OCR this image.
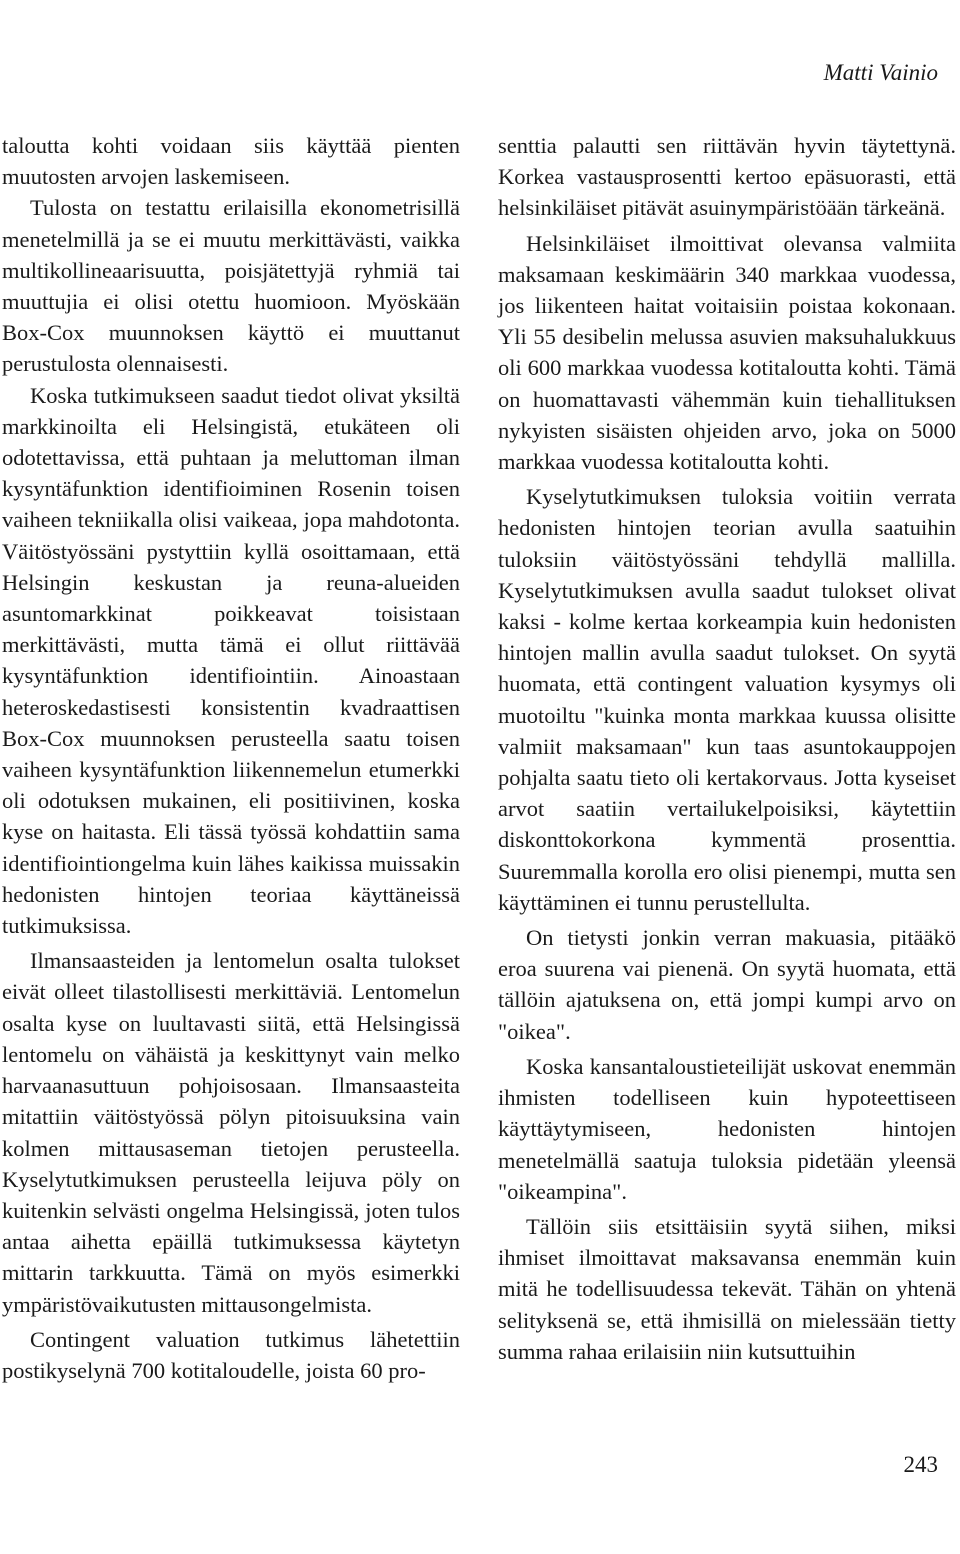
Matti Vainio

taloutta kohti voidaan siis käyttää pienten muutosten arvojen laskemiseen.

Tulosta on testattu erilaisilla ekonometrisillä menetelmillä ja se ei muutu merkittävästi, vaikka multikollineaarisuutta, poisjätettyjä ryhmiä tai muuttujia ei olisi otettu huomioon. Myöskään Box-Cox muunnoksen käyttö ei muuttanut perustulosta olennaisesti.

Koska tutkimukseen saadut tiedot olivat yksiltä markkinoilta eli Helsingistä, etukäteen oli odotettavissa, että puhtaan ja meluttoman ilman kysyntäfunktion identifioiminen Rosenin toisen vaiheen tekniikalla olisi vaikeaa, jopa mahdotonta. Väitöstyössäni pystyttiin kyllä osoittamaan, että Helsingin keskustan ja reuna-alueiden asuntomarkkinat poikkeavat toisistaan merkittävästi, mutta tämä ei ollut riittävää kysyntäfunktion identifiointiin. Ainoastaan heteroskedastisesti konsistentin kvadraattisen Box-Cox muunnoksen perusteella saatu toisen vaiheen kysyntäfunktion liikennemelun etumerkki oli odotuksen mukainen, eli positiivinen, koska kyse on haitasta. Eli tässä työssä kohdattiin sama identifiointiongelma kuin lähes kaikissa muissakin hedonisten hintojen teoriaa käyttäneissä tutkimuksissa.

Ilmansaasteiden ja lentomelun osalta tulokset eivät olleet tilastollisesti merkittäviä. Lentomelun osalta kyse on luultavasti siitä, että Helsingissä lentomelu on vähäistä ja keskittynyt vain melko harvaanasuttuun pohjoisosaan. Ilmansaasteita mitattiin väitöstyössä pölyn pitoisuuksina vain kolmen mittausaseman tietojen perusteella. Kyselytutkimuksen perusteella leijuva pöly on kuitenkin selvästi ongelma Helsingissä, joten tulos antaa aihetta epäillä tutkimuksessa käytetyn mittarin tarkkuutta. Tämä on myös esimerkki ympäristövaikutusten mittausongelmista.

Contingent valuation tutkimus lähetettiin postikyselynä 700 kotitaloudelle, joista 60 pro-

senttia palautti sen riittävän hyvin täytettynä. Korkea vastausprosentti kertoo epäsuorasti, että helsinkiläiset pitävät asuinympäristöään tärkeänä.

Helsinkiläiset ilmoittivat olevansa valmiita maksamaan keskimäärin 340 markkaa vuodessa, jos liikenteen haitat voitaisiin poistaa kokonaan. Yli 55 desibelin melussa asuvien maksuhalukkuus oli 600 markkaa vuodessa kotitaloutta kohti. Tämä on huomattavasti vähemmän kuin tiehallituksen nykyisten sisäisten ohjeiden arvo, joka on 5000 markkaa vuodessa kotitaloutta kohti.

Kyselytutkimuksen tuloksia voitiin verrata hedonisten hintojen teorian avulla saatuihin tuloksiin väitöstyössäni tehdyllä mallilla. Kyselytutkimuksen avulla saadut tulokset olivat kaksi - kolme kertaa korkeampia kuin hedonisten hintojen mallin avulla saadut tulokset. On syytä huomata, että contingent valuation kysymys oli muotoiltu "kuinka monta markkaa kuussa olisitte valmiit maksamaan" kun taas asuntokauppojen pohjalta saatu tieto oli kertakorvaus. Jotta kyseiset arvot saatiin vertailukelpoisiksi, käytettiin diskonttokorkona kymmentä prosenttia. Suuremmalla korolla ero olisi pienempi, mutta sen käyttäminen ei tunnu perustellulta.

On tietysti jonkin verran makuasia, pitääkö eroa suurena vai pienenä. On syytä huomata, että tällöin ajatuksena on, että jompi kumpi arvo on "oikea".

Koska kansantaloustieteilijät uskovat enemmän ihmisten todelliseen kuin hypoteettiseen käyttäytymiseen, hedonisten hintojen menetelmällä saatuja tuloksia pidetään yleensä "oikeampina".

Tällöin siis etsittäisiin syytä siihen, miksi ihmiset ilmoittavat maksavansa enemmän kuin mitä he todellisuudessa tekevät. Tähän on yhtenä selityksenä se, että ihmisillä on mielessään tietty summa rahaa erilaisiin niin kutsuttuihin

243
